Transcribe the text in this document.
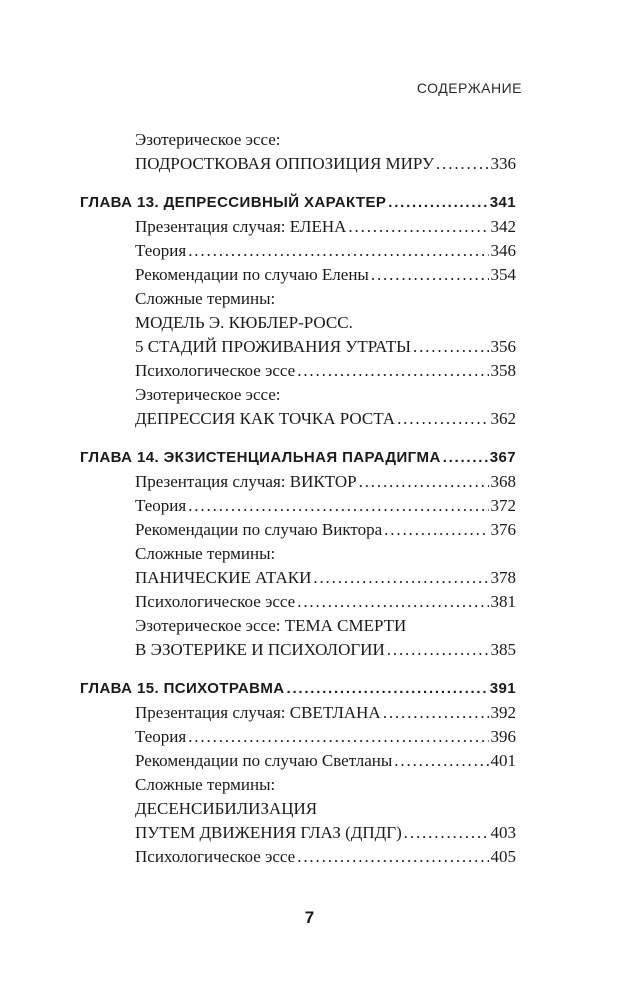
СОДЕРЖАНИЕ
Эзотерическое эссе:
ПОДРОСТКОВАЯ ОППОЗИЦИЯ МИРУ . . .	336
ГЛАВА 13. ДЕПРЕССИВНЫЙ ХАРАКТЕР . . .	341
Презентация случая: ЕЛЕНА . . .	342
Теория . . .	346
Рекомендации по случаю Елены . . .	354
Сложные термины:
МОДЕЛЬ Э. КЮБЛЕР-РОСС.
5 СТАДИЙ ПРОЖИВАНИЯ УТРАТЫ . . .	356
Психологическое эссе . . .	358
Эзотерическое эссе:
ДЕПРЕССИЯ КАК ТОЧКА РОСТА . . .	362
ГЛАВА 14. ЭКЗИСТЕНЦИАЛЬНАЯ ПАРАДИГМА . . .	367
Презентация случая: ВИКТОР . . .	368
Теория . . .	372
Рекомендации по случаю Виктора . . .	376
Сложные термины:
ПАНИЧЕСКИЕ АТАКИ . . .	378
Психологическое эссе . . .	381
Эзотерическое эссе: ТЕМА СМЕРТИ
В ЭЗОТЕРИКЕ И ПСИХОЛОГИИ . . .	385
ГЛАВА 15. ПСИХОТРАВМА . . .	391
Презентация случая: СВЕТЛАНА . . .	392
Теория . . .	396
Рекомендации по случаю Светланы . . .	401
Сложные термины:
ДЕСЕНСИБИЛИЗАЦИЯ
ПУТЕМ ДВИЖЕНИЯ ГЛАЗ (ДПДГ) . . .	403
Психологическое эссе . . .	405
7
